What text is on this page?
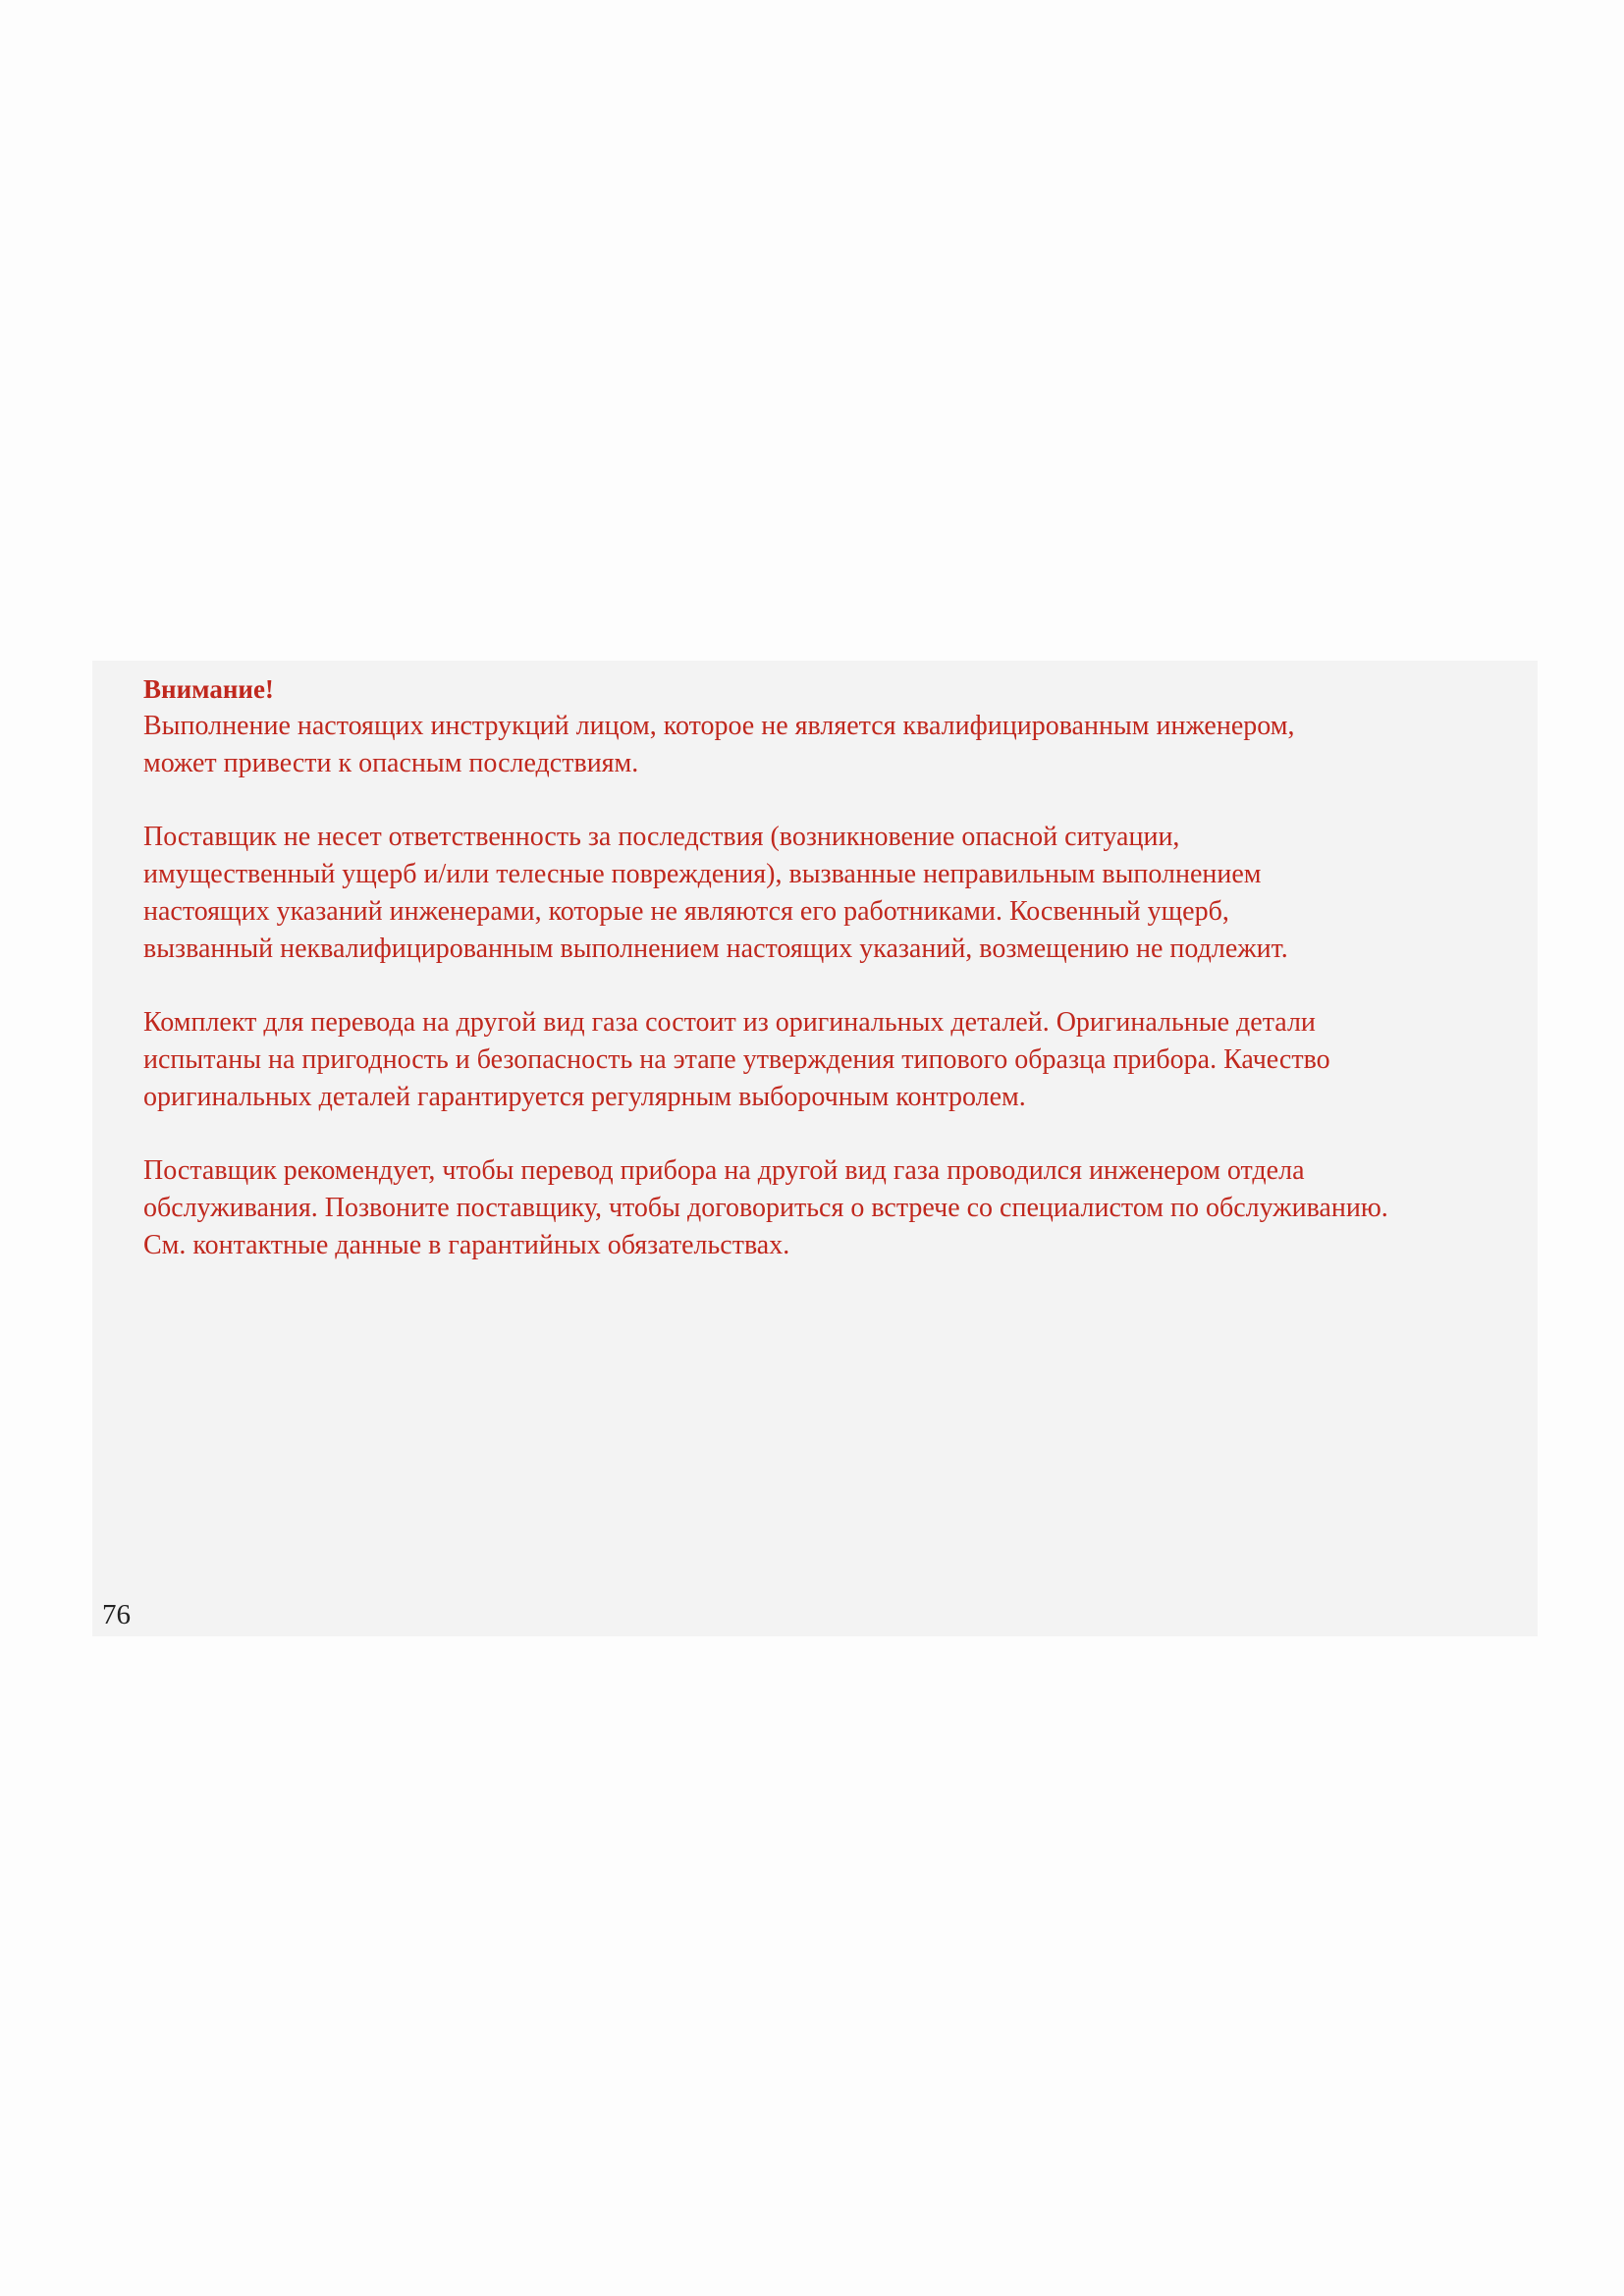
Внимание!

Выполнение настоящих инструкций лицом, которое не является квалифицированным инженером,
может привести к опасным последствиям.

Поставщик не несет ответственность за последствия (возникновение опасной ситуации,
имущественный ущерб и/или телесные повреждения), вызванные неправильным выполнением
настоящих указаний инженерами, которые не являются его работниками. Косвенный ущерб,
вызванный неквалифицированным выполнением настоящих указаний, возмещению не подлежит.

Комплект для перевода на другой вид газа состоит из оригинальных деталей. Оригинальные детали
испытаны на пригодность и безопасность на этапе утверждения типового образца прибора. Качество
оригинальных деталей гарантируется регулярным выборочным контролем.

Поставщик рекомендует, чтобы перевод прибора на другой вид газа проводился инженером отдела
обслуживания. Позвоните поставщику, чтобы договориться о встрече со специалистом по обслуживанию.
См. контактные данные в гарантийных обязательствах.

76
